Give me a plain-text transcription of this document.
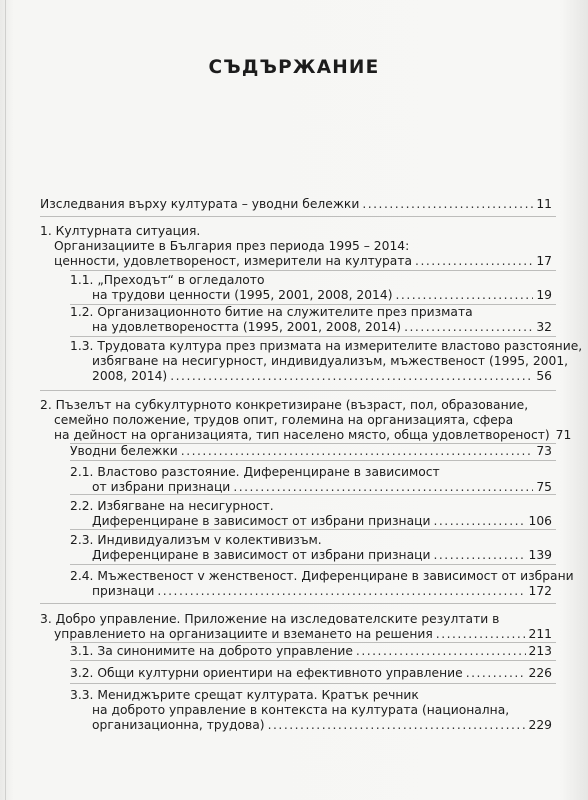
СЪДЪРЖАНИЕ
Изследвания върху културата – уводни бележки .....	11
1. Културната ситуация.
Организациите в България през периода 1995 – 2014:
ценности, удовлетвореност, измерители на културата .....	17
1.1. „Преходът“ в огледалото
на трудови ценности (1995, 2001, 2008, 2014) .....	19
1.2. Организационното битие на служителите през призмата
на удовлетвореността (1995, 2001, 2008, 2014) .....	32
1.3. Трудовата култура през призмата на измерителите властово разстояние,
избягване на несигурност, индивидуализъм, мъжественост (1995, 2001,
2008, 2014) .....	56
2. Пъзелът на субкултурното конкретизиране (възраст, пол, образование,
семейно положение, трудов опит, големина на организацията, сфера
на дейност на организацията, тип населено място, обща удовлетвореност) 71
Уводни бележки .....	73
2.1. Властово разстояние. Диференциране в зависимост
от избрани признаци .....	75
2.2. Избягване на несигурност.
Диференциране в зависимост от избрани признаци .....	106
2.3. Индивидуализъм v колективизъм.
Диференциране в зависимост от избрани признаци .....	139
2.4. Мъжественост v женственост. Диференциране в зависимост от избрани
признаци .....	172
3. Добро управление. Приложение на изследователските резултати в
управлението на организациите и вземането на решения .....	211
3.1. За синонимите на доброто управление .....	213
3.2. Общи културни ориентири на ефективното управление .....	226
3.3. Мениджърите срещат културата. Кратък речник
на доброто управление в контекста на културата (национална,
организационна, трудова) .....	229
